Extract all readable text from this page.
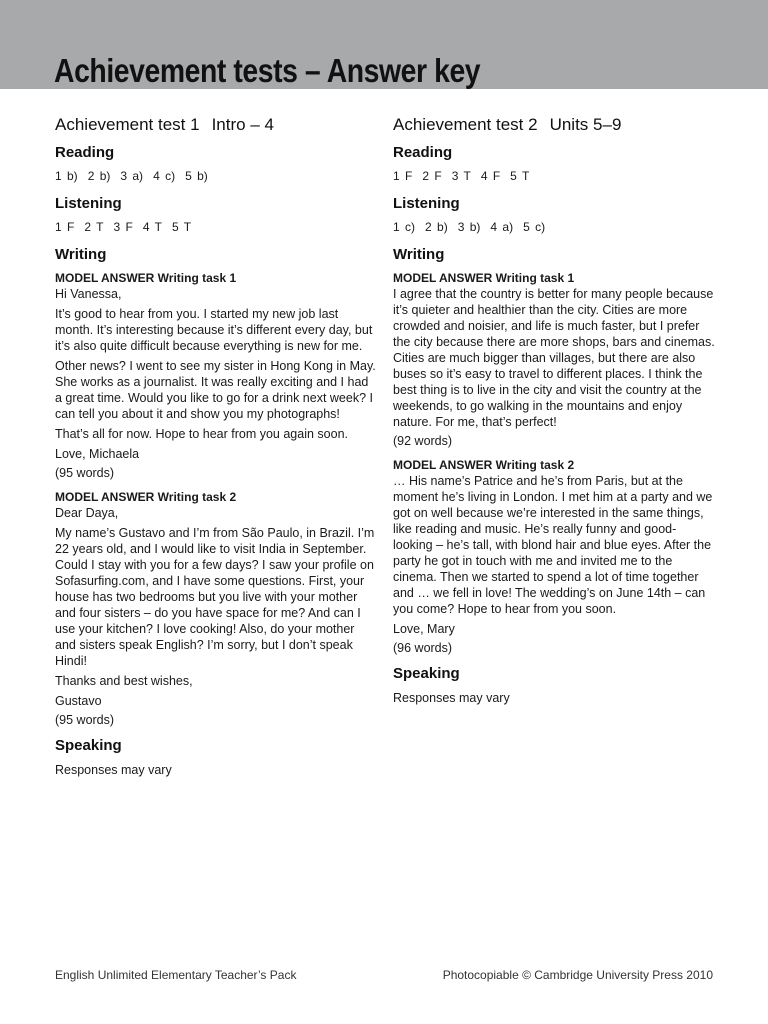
Achievement tests – Answer key
Achievement test 1 Intro – 4
Reading
1 b) 2 b) 3 a) 4 c) 5 b)
Listening
1 F 2 T 3 F 4 T 5 T
Writing
MODEL ANSWER Writing task 1

Hi Vanessa,

It’s good to hear from you. I started my new job last month. It’s interesting because it’s different every day, but it’s also quite difficult because everything is new for me.

Other news? I went to see my sister in Hong Kong in May. She works as a journalist. It was really exciting and I had a great time. Would you like to go for a drink next week? I can tell you about it and show you my photographs!

That’s all for now. Hope to hear from you again soon.

Love, Michaela

(95 words)

MODEL ANSWER Writing task 2

Dear Daya,

My name’s Gustavo and I’m from São Paulo, in Brazil. I’m 22 years old, and I would like to visit India in September. Could I stay with you for a few days? I saw your profile on Sofasurfing.com, and I have some questions. First, your house has two bedrooms but you live with your mother and four sisters – do you have space for me? And can I use your kitchen? I love cooking! Also, do your mother and sisters speak English? I’m sorry, but I don’t speak Hindi!

Thanks and best wishes,

Gustavo

(95 words)

Speaking

Responses may vary

Achievement test 2 Units 5–9
Reading
1 F 2 F 3 T 4 F 5 T
Listening
1 c) 2 b) 3 b) 4 a) 5 c)
Writing
MODEL ANSWER Writing task 1

I agree that the country is better for many people because it’s quieter and healthier than the city. Cities are more crowded and noisier, and life is much faster, but I prefer the city because there are more shops, bars and cinemas. Cities are much bigger than villages, but there are also buses so it’s easy to travel to different places. I think the best thing is to live in the city and visit the country at the weekends, to go walking in the mountains and enjoy nature. For me, that’s perfect!

(92 words)

MODEL ANSWER Writing task 2

… His name’s Patrice and he’s from Paris, but at the moment he’s living in London. I met him at a party and we got on well because we’re interested in the same things, like reading and music. He’s really funny and good-looking – he’s tall, with blond hair and blue eyes. After the party he got in touch with me and invited me to the cinema. Then we started to spend a lot of time together and … we fell in love! The wedding’s on June 14th – can you come? Hope to hear from you soon.

Love, Mary

(96 words)

Speaking

Responses may vary

English Unlimited Elementary Teacher’s Pack	Photocopiable © Cambridge University Press 2010
